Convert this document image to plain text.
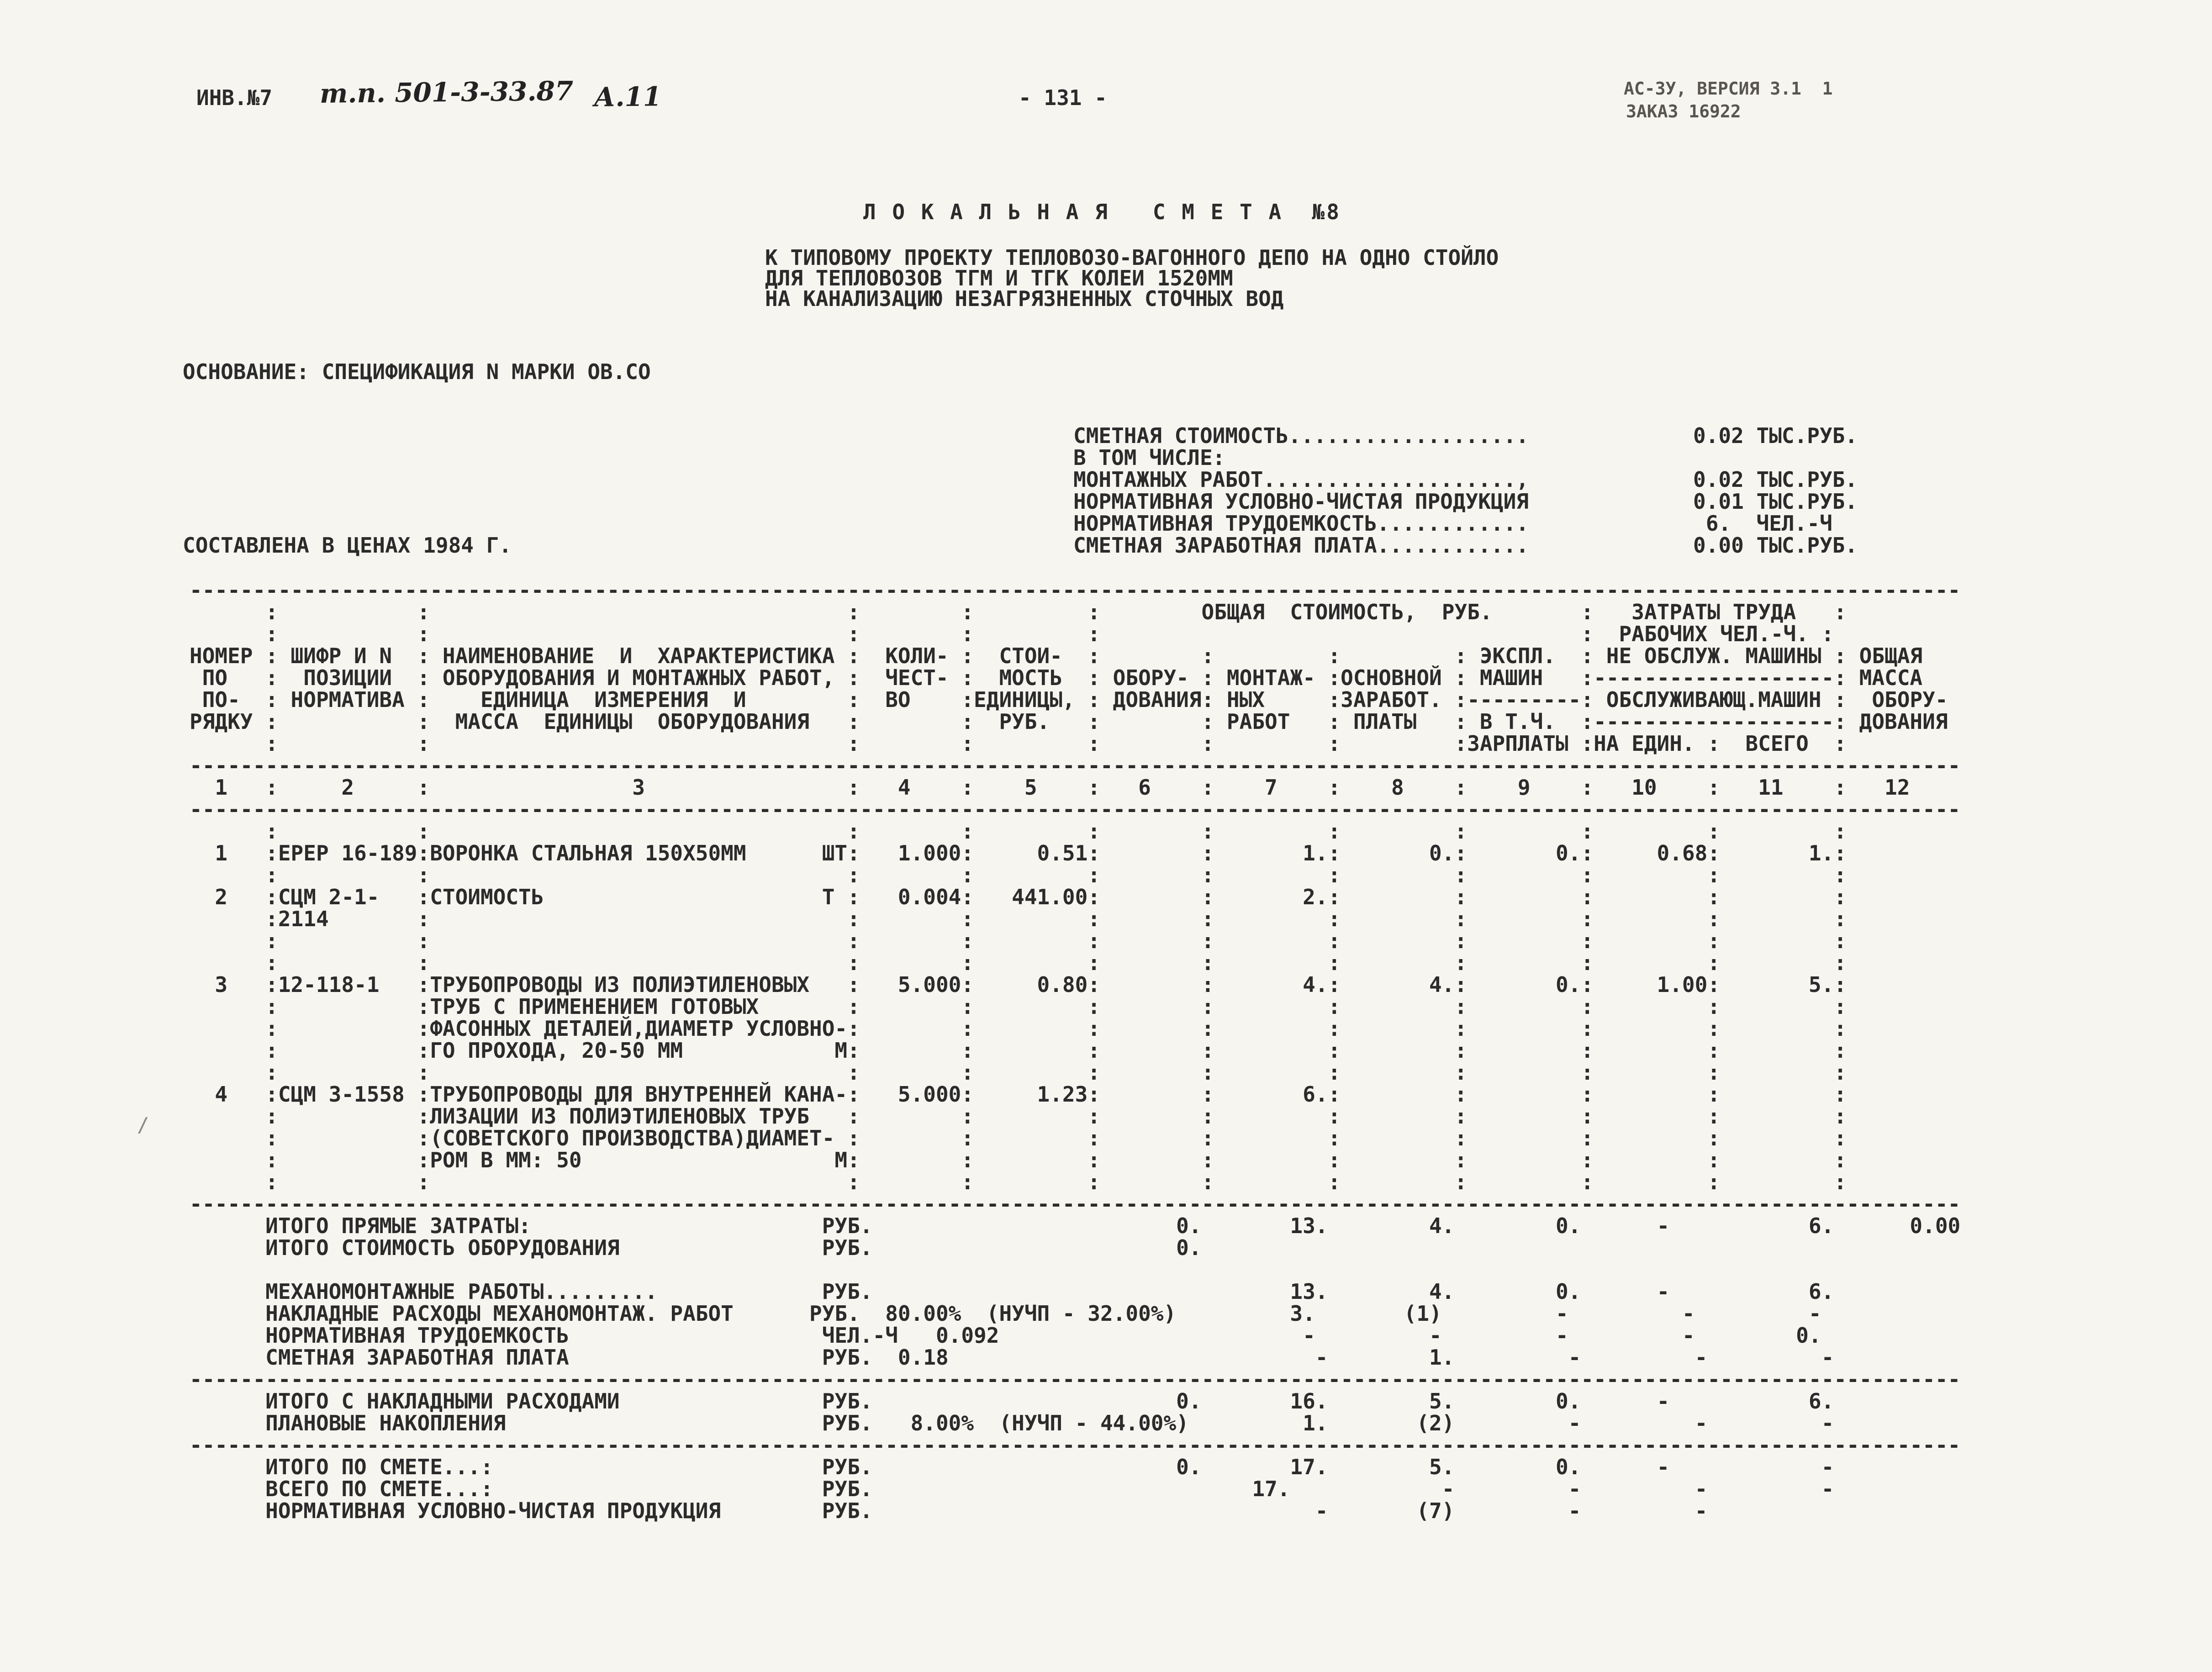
ИНВ.№7 т.п. 501-3-33.87 А.11	- 131 -	АС-ЗУ, ВЕРСИЯ 3.1  1
ЗАКАЗ 16922
Л О К А Л Ь Н А Я   С М Е Т А  №8
К ТИПОВОМУ ПРОЕКТУ ТЕПЛОВОЗО-ВАГОННОГО ДЕПО НА ОДНО СТОЙЛО
ДЛЯ ТЕПЛОВОЗОВ ТГМ И ТГК КОЛЕИ 1520ММ
НА КАНАЛИЗАЦИЮ НЕЗАГРЯЗНЕННЫХ СТОЧНЫХ ВОД
ОСНОВАНИЕ: СПЕЦИФИКАЦИЯ N МАРКИ ОВ.СО
СМЕТНАЯ СТОИМОСТЬ...................             0.02 ТЫС.РУБ.
В ТОМ ЧИСЛЕ:
МОНТАЖНЫХ РАБОТ....................,             0.02 ТЫС.РУБ.
НОРМАТИВНАЯ УСЛОВНО-ЧИСТАЯ ПРОДУКЦИЯ             0.01 ТЫС.РУБ.
НОРМАТИВНАЯ ТРУДОЕМКОСТЬ............              6.  ЧЕЛ.-Ч
СМЕТНАЯ ЗАРАБОТНАЯ ПЛАТА............             0.00 ТЫС.РУБ.
СОСТАВЛЕНА В ЦЕНАХ 1984 Г.
--------------------------------------------------------------------------------------------------------------------------------------------
:           :                                 :        :         :        ОБЩАЯ  СТОИМОСТЬ,  РУБ.       :   ЗАТРАТЫ ТРУДА   :
:           :                                 :        :         :                                      :  РАБОЧИХ ЧЕЛ.-Ч. :
НОМЕР : ШИФР И N  : НАИМЕНОВАНИЕ  И  ХАРАКТЕРИСТИКА :  КОЛИ- :  СТОИ-  :        :         :         : ЭКСПЛ.  : НЕ ОБСЛУЖ. МАШИНЫ : ОБЩАЯ
ПО   :  ПОЗИЦИИ  : ОБОРУДОВАНИЯ И МОНТАЖНЫХ РАБОТ, :  ЧЕСТ- :  МОСТЬ  : ОБОРУ- : МОНТАЖ- :ОСНОВНОЙ : МАШИН   :-------------------: МАССА
ПО-  : НОРМАТИВА :    ЕДИНИЦА  ИЗМЕРЕНИЯ  И        :  ВО    :ЕДИНИЦЫ, : ДОВАНИЯ: НЫХ     :ЗАРАБОТ. :---------: ОБСЛУЖИВАЮЩ.МАШИН :  ОБОРУ-
РЯДКУ :           :  МАССА  ЕДИНИЦЫ  ОБОРУДОВАНИЯ   :        :  РУБ.   :        : РАБОТ   : ПЛАТЫ   : В Т.Ч.  :-------------------: ДОВАНИЯ
:           :                                 :        :         :        :         :         :ЗАРПЛАТЫ :НА ЕДИН. :  ВСЕГО  :
--------------------------------------------------------------------------------------------------------------------------------------------
1   :     2     :                3                :   4    :    5    :   6    :    7    :    8    :    9    :   10    :   11    :   12
--------------------------------------------------------------------------------------------------------------------------------------------
:           :                                 :        :         :        :         :         :         :         :         :
1   :ЕРЕР 16-189:ВОРОНКА СТАЛЬНАЯ 150Х50ММ      ШТ:   1.000:     0.51:        :       1.:       0.:       0.:     0.68:       1.:
:           :                                 :        :         :        :         :         :         :         :         :
2   :СЦМ 2-1-   :СТОИМОСТЬ                      Т :   0.004:   441.00:        :       2.:         :         :         :         :
:2114       :                                 :        :         :        :         :         :         :         :         :
:           :                                 :        :         :        :         :         :         :         :         :
:           :                                 :        :         :        :         :         :         :         :         :
3   :12-118-1   :ТРУБОПРОВОДЫ ИЗ ПОЛИЭТИЛЕНОВЫХ   :   5.000:     0.80:        :       4.:       4.:       0.:     1.00:       5.:
:           :ТРУБ С ПРИМЕНЕНИЕМ ГОТОВЫХ       :        :         :        :         :         :         :         :         :
:           :ФАСОННЫХ ДЕТАЛЕЙ,ДИАМЕТР УСЛОВНО-:        :         :        :         :         :         :         :         :
:           :ГО ПРОХОДА, 20-50 ММ            М:        :         :        :         :         :         :         :         :
:           :                                 :        :         :        :         :         :         :         :         :
4   :СЦМ 3-1558 :ТРУБОПРОВОДЫ ДЛЯ ВНУТРЕННЕЙ КАНА-:   5.000:     1.23:        :       6.:         :         :         :         :
:           :ЛИЗАЦИИ ИЗ ПОЛИЭТИЛЕНОВЫХ ТРУБ   :        :         :        :         :         :         :         :         :
:           :(СОВЕТСКОГО ПРОИЗВОДСТВА)ДИАМЕТ- :        :         :        :         :         :         :         :         :
:           :РОМ В ММ: 50                    М:        :         :        :         :         :         :         :         :
:           :                                 :        :         :        :         :         :         :         :         :
--------------------------------------------------------------------------------------------------------------------------------------------
ИТОГО ПРЯМЫЕ ЗАТРАТЫ:                       РУБ.                        0.       13.        4.        0.      -           6.      0.00
ИТОГО СТОИМОСТЬ ОБОРУДОВАНИЯ                РУБ.                        0.

МЕХАНОМОНТАЖНЫЕ РАБОТЫ.........             РУБ.                                 13.        4.        0.      -           6.
НАКЛАДНЫЕ РАСХОДЫ МЕХАНОМОНТАЖ. РАБОТ      РУБ.  80.00%  (НУЧП - 32.00%)         3.       (1)         -         -         -
НОРМАТИВНАЯ ТРУДОЕМКОСТЬ                    ЧЕЛ.-Ч   0.092                        -         -         -         -        0.
СМЕТНАЯ ЗАРАБОТНАЯ ПЛАТА                    РУБ.  0.18                             -        1.         -         -         -
--------------------------------------------------------------------------------------------------------------------------------------------
ИТОГО С НАКЛАДНЫМИ РАСХОДАМИ                РУБ.                        0.       16.        5.        0.      -           6.
ПЛАНОВЫЕ НАКОПЛЕНИЯ                         РУБ.   8.00%  (НУЧП - 44.00%)         1.       (2)         -         -         -
--------------------------------------------------------------------------------------------------------------------------------------------
ИТОГО ПО СМЕТЕ...:                          РУБ.                        0.       17.        5.        0.      -            -
ВСЕГО ПО СМЕТЕ...:                          РУБ.                              17.            -         -         -         -
НОРМАТИВНАЯ УСЛОВНО-ЧИСТАЯ ПРОДУКЦИЯ        РУБ.                                   -       (7)         -         -
/
